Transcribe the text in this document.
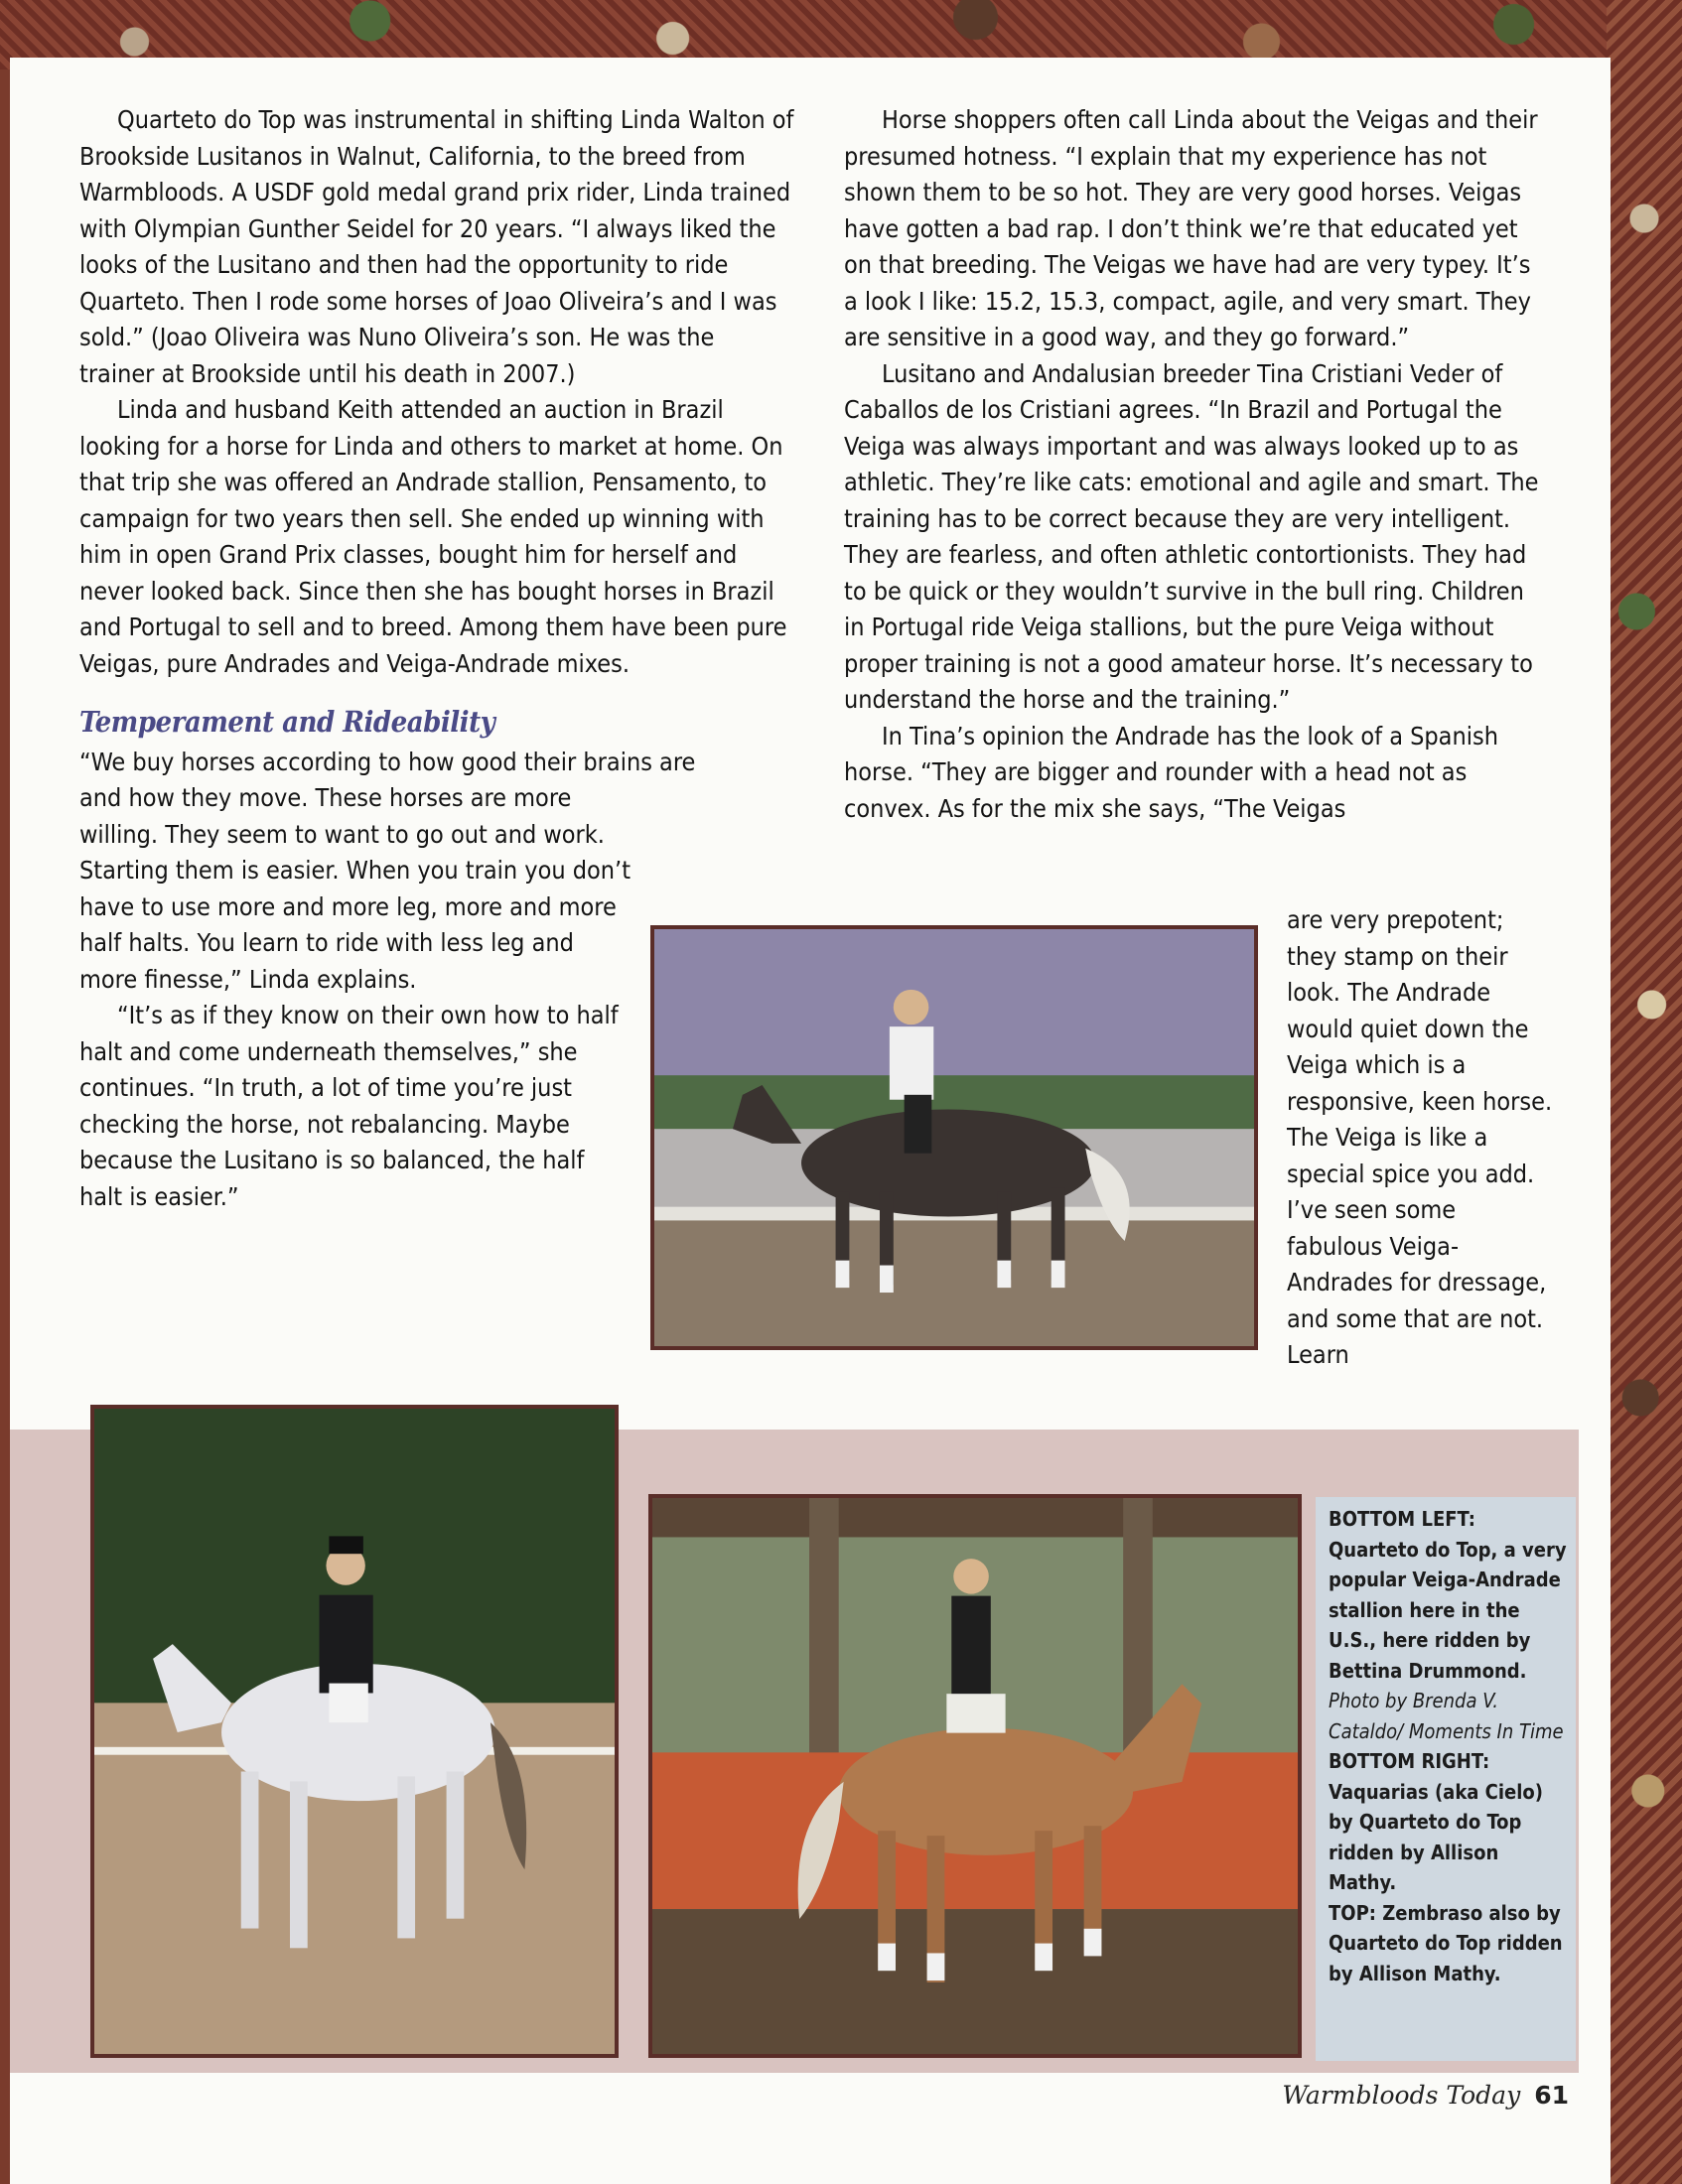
Quarteto do Top was instrumental in shifting Linda Walton of Brookside Lusitanos in Walnut, California, to the breed from Warmbloods. A USDF gold medal grand prix rider, Linda trained with Olympian Gunther Seidel for 20 years. “I always liked the looks of the Lusitano and then had the opportunity to ride Quarteto. Then I rode some horses of Joao Oliveira’s and I was sold.” (Joao Oliveira was Nuno Oliveira’s son. He was the trainer at Brookside until his death in 2007.)

Linda and husband Keith attended an auction in Brazil looking for a horse for Linda and others to market at home. On that trip she was offered an Andrade stallion, Pensamento, to campaign for two years then sell. She ended up winning with him in open Grand Prix classes, bought him for herself and never looked back. Since then she has bought horses in Brazil and Portugal to sell and to breed. Among them have been pure Veigas, pure Andrades and Veiga-Andrade mixes.

Temperament and Rideability

“We buy horses according to how good their brains are

and how they move. These horses are more willing. They seem to want to go out and work. Starting them is easier. When you train you don’t have to use more and more leg, more and more half halts. You learn to ride with less leg and more finesse,” Linda explains.

“It’s as if they know on their own how to half halt and come underneath themselves,” she continues. “In truth, a lot of time you’re just checking the horse, not rebalancing. Maybe because the Lusitano is so balanced, the half halt is easier.”

Horse shoppers often call Linda about the Veigas and their presumed hotness. “I explain that my experience has not shown them to be so hot. They are very good horses. Veigas have gotten a bad rap. I don’t think we’re that educated yet on that breeding. The Veigas we have had are very typey. It’s a look I like: 15.2, 15.3, compact, agile, and very smart. They are sensitive in a good way, and they go forward.”

Lusitano and Andalusian breeder Tina Cristiani Veder of Caballos de los Cristiani agrees. “In Brazil and Portugal the Veiga was always important and was always looked up to as athletic. They’re like cats: emotional and agile and smart. The training has to be correct because they are very intelligent. They are fearless, and often athletic contortionists. They had to be quick or they wouldn’t survive in the bull ring. Children in Portugal ride Veiga stallions, but the pure Veiga without proper training is not a good amateur horse. It’s necessary to understand the horse and the training.”

In Tina’s opinion the Andrade has the look of a Spanish horse. “They are bigger and rounder with a head not as convex. As for the mix she says, “The Veigas

are very prepotent; they stamp on their look. The Andrade would quiet down the Veiga which is a responsive, keen horse. The Veiga is like a special spice you add. I’ve seen some fabulous Veiga-Andrades for dressage, and some that are not. Learn
BOTTOM LEFT:
Quarteto do Top, a very popular Veiga-Andrade stallion here in the U.S., here ridden by Bettina Drummond. Photo by Brenda V. Cataldo/ Moments In Time
BOTTOM RIGHT:
Vaquarias (aka Cielo) by Quarteto do Top ridden by Allison Mathy.
TOP: Zembraso also by Quarteto do Top ridden by Allison Mathy.
Warmbloods Today 61
